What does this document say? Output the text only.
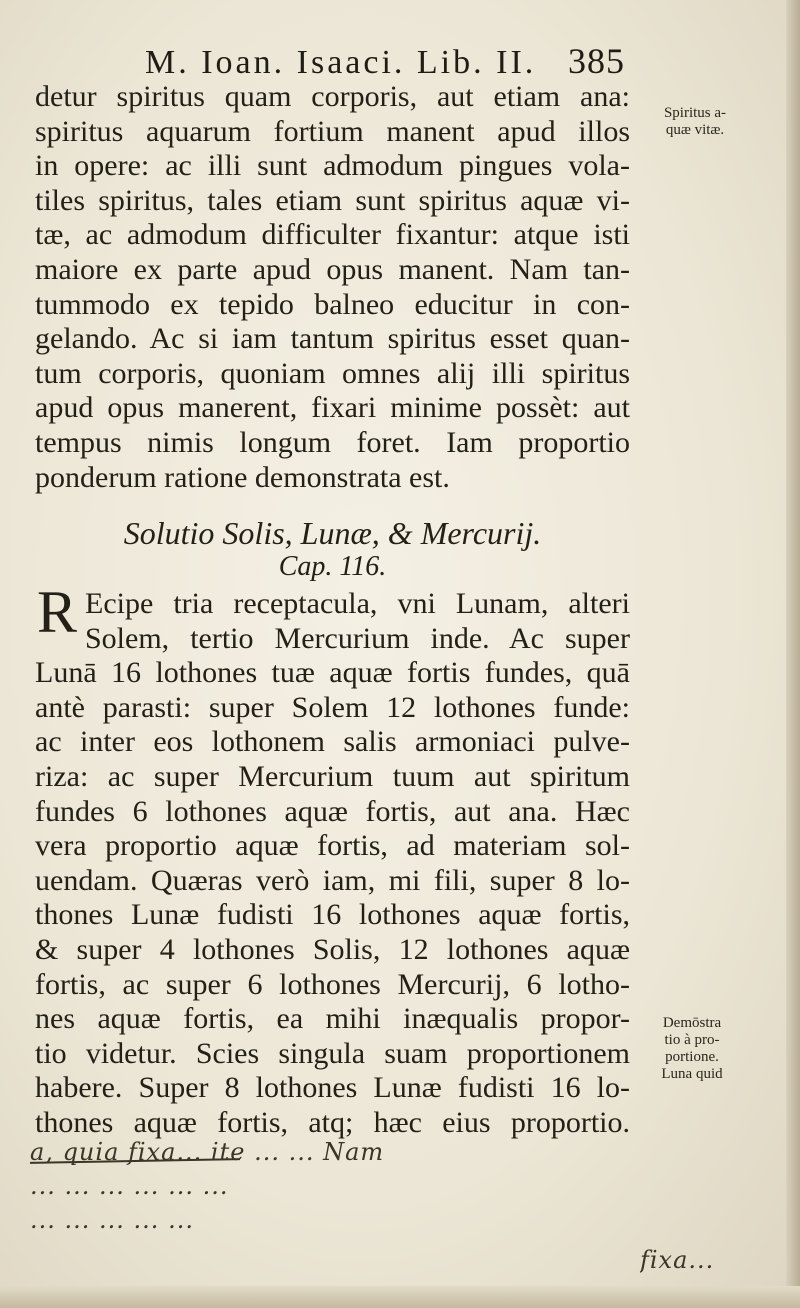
M. Ioan. Isaaci. Lib. II. 385
detur spiritus quam corporis, aut etiam ana:
spiritus aquarum fortium manent apud illos
in opere: ac illi sunt admodum pingues vola-
tiles spiritus, tales etiam sunt spiritus aquæ vi-
tæ, ac admodum difficulter fixantur: atque isti
maiore ex parte apud opus manent. Nam tan-
tummodo ex tepido balneo educitur in con-
gelando. Ac si iam tantum spiritus esset quan-
tum corporis, quoniam omnes alij illi spiritus
apud opus manerent, fixari minime possèt: aut
tempus nimis longum foret. Iam proportio
ponderum ratione demonstrata est.
Solutio Solis, Lunæ, & Mercurij.
Cap. 116.
R Ecipe tria receptacula, vni Lunam, alteri
Solem, tertio Mercurium inde. Ac super
Lunā 16 lothones tuæ aquæ fortis fundes, quā
antè parasti: super Solem 12 lothones funde:
ac inter eos lothonem salis armoniaci pulve-
riza: ac super Mercurium tuum aut spiritum
fundes 6 lothones aquæ fortis, aut ana. Hæc
vera proportio aquæ fortis, ad materiam sol-
uendam. Quæras verò iam, mi fili, super 8 lo-
thones Lunæ fudisti 16 lothones aquæ fortis,
& super 4 lothones Solis, 12 lothones aquæ
fortis, ac super 6 lothones Mercurij, 6 lotho-
nes aquæ fortis, ea mihi inæqualis propor-
tio videtur. Scies singula suam proportionem
habere. Super 8 lothones Lunæ fudisti 16 lo-
thones aquæ fortis, atq; hæc eius proportio.
Spiritus a-
quæ vitæ.
Demōstra
tio à pro-
portione.
Luna quid
a, quia fixa... ite ... ... Nam
... ... ... ... ... ...
... ... ... ... ...
fixa...
